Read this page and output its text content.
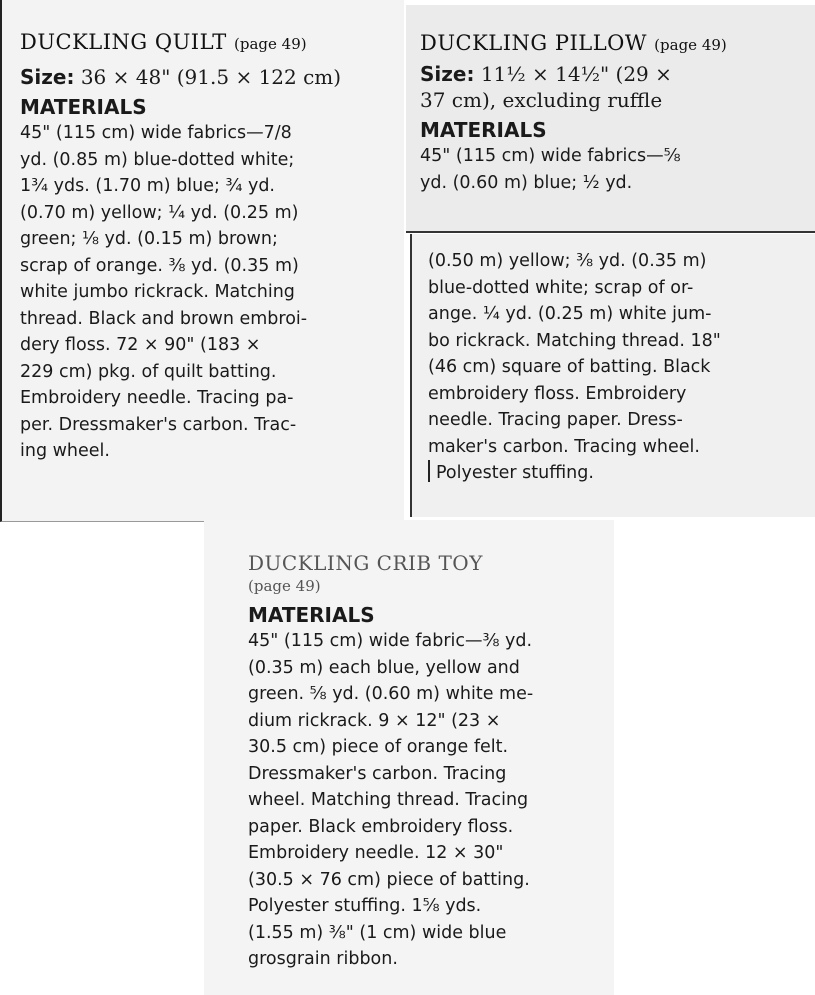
DUCKLING QUILT (page 49)

Size: 36 × 48" (91.5 × 122 cm)

MATERIALS

45" (115 cm) wide fabrics—7/8
yd. (0.85 m) blue-dotted white;
1¾ yds. (1.70 m) blue; ¾ yd.
(0.70 m) yellow; ¼ yd. (0.25 m)
green; ⅛ yd. (0.15 m) brown;
scrap of orange. ⅜ yd. (0.35 m)
white jumbo rickrack. Matching
thread. Black and brown embroi-
dery floss. 72 × 90" (183 ×
229 cm) pkg. of quilt batting.
Embroidery needle. Tracing pa-
per. Dressmaker's carbon. Trac-
ing wheel.

DUCKLING PILLOW (page 49)

Size: 11½ × 14½" (29 ×
37 cm), excluding ruffle

MATERIALS

45" (115 cm) wide fabrics—⅝
yd. (0.60 m) blue; ½ yd.

(0.50 m) yellow; ⅜ yd. (0.35 m)
blue-dotted white; scrap of or-
ange. ¼ yd. (0.25 m) white jum-
bo rickrack. Matching thread. 18"
(46 cm) square of batting. Black
embroidery floss. Embroidery
needle. Tracing paper. Dress-
maker's carbon. Tracing wheel.
Polyester stuffing.

DUCKLING CRIB TOY

(page 49)

MATERIALS

45" (115 cm) wide fabric—⅜ yd.
(0.35 m) each blue, yellow and
green. ⅝ yd. (0.60 m) white me-
dium rickrack. 9 × 12" (23 ×
30.5 cm) piece of orange felt.
Dressmaker's carbon. Tracing
wheel. Matching thread. Tracing
paper. Black embroidery floss.
Embroidery needle. 12 × 30"
(30.5 × 76 cm) piece of batting.
Polyester stuffing. 1⅝ yds.
(1.55 m) ⅜" (1 cm) wide blue
grosgrain ribbon.
